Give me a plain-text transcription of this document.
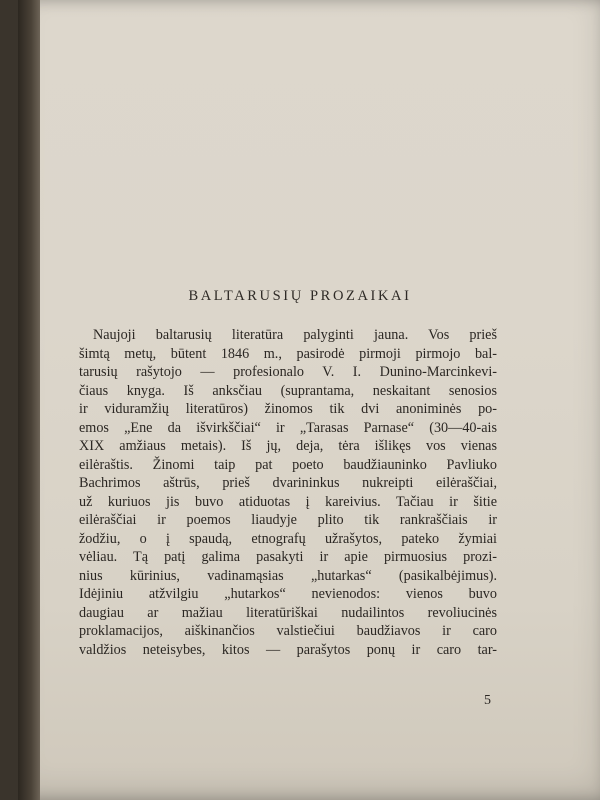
BALTARUSIŲ PROZAIKAI
Naujoji baltarusių literatūra palyginti jauna. Vos prieš
šimtą metų, būtent 1846 m., pasirodė pirmoji pirmojo bal-
tarusių rašytojo — profesionalo V. I. Dunino-Marcinkevi-
čiaus knyga. Iš anksčiau (suprantama, neskaitant senosios
ir viduramžių literatūros) žinomos tik dvi anoniminės po-
emos „Ene da išvirkščiai“ ir „Tarasas Parnase“ (30—40-ais
XIX amžiaus metais). Iš jų, deja, tėra išlikęs vos vienas
eilėraštis. Žinomi taip pat poeto baudžiauninko Pavliuko
Bachrimos aštrūs, prieš dvarininkus nukreipti eilėraščiai,
už kuriuos jis buvo atiduotas į kareivius. Tačiau ir šitie
eilėraščiai ir poemos liaudyje plito tik rankraščiais ir
žodžiu, o į spaudą, etnografų užrašytos, pateko žymiai
vėliau. Tą patį galima pasakyti ir apie pirmuosius prozi-
nius kūrinius, vadinamąsias „hutarkas“ (pasikalbėjimus).
Idėjiniu atžvilgiu „hutarkos“ nevienodos: vienos buvo
daugiau ar mažiau literatūriškai nudailintos revoliucinės
proklamacijos, aiškinančios valstiečiui baudžiavos ir caro
valdžios neteisybes, kitos — parašytos ponų ir caro tar-
5
